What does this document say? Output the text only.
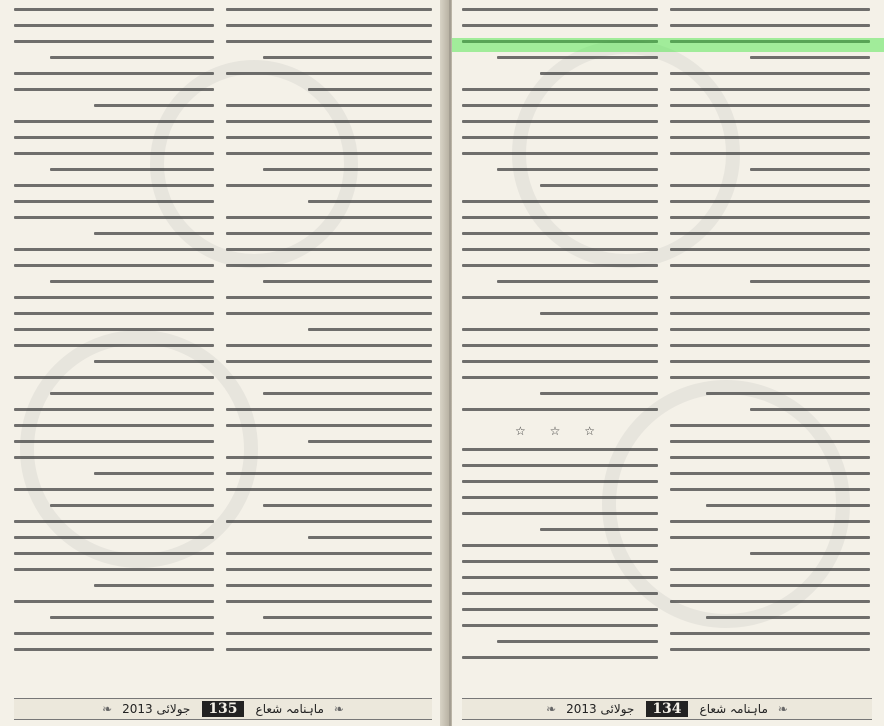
❧
ماہنامہ شعاع
135
جولائی 2013
❧
☆ ☆ ☆
❧
ماہنامہ شعاع
134
جولائی 2013
❧
